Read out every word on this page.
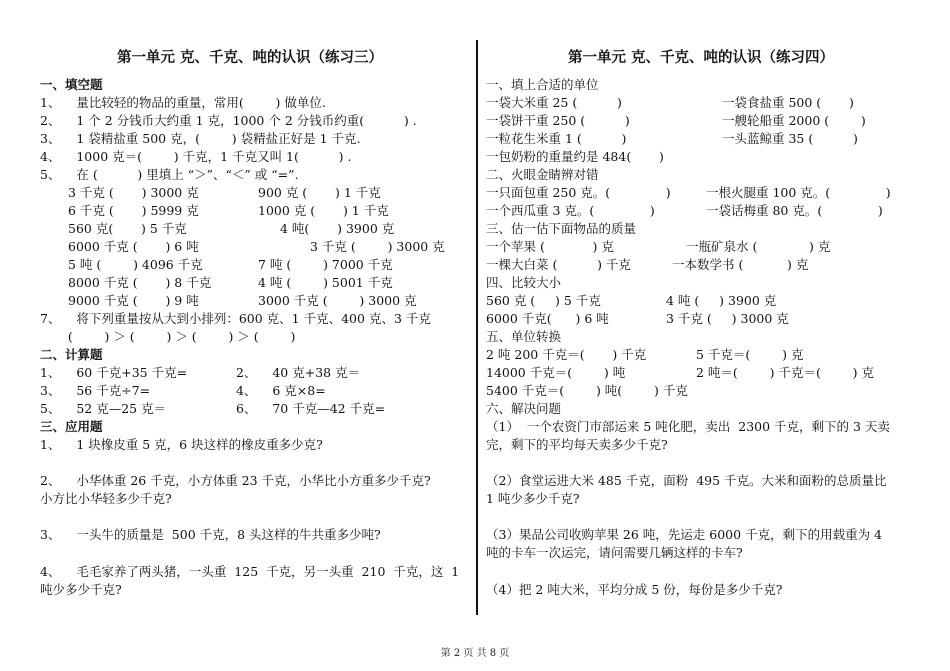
第一单元 克、千克、吨的认识（练习三）
一、填空题
1、    量比较轻的物品的重量，常用(        ) 做单位.
2、    1 个 2 分钱币大约重 1 克，1000 个 2 分钱币约重(          ) .
3、    1 袋精盐重 500 克，(        ) 袋精盐正好是 1 千克.
4、    1000 克＝(        ) 千克，1 千克又叫 1(          ) .
5、    在 (          ) 里填上 “＞”、“＜” 或 “=”.
3 千克 (       ) 3000 克	900 克 (       ) 1 千克
6 千克 (       ) 5999 克	1000 克 (       ) 1 千克
560 克(       ) 5 千克	4 吨(       ) 3900 克
6000 千克 (       ) 6 吨	3 千克 (        ) 3000 克
5 吨 (        ) 4096 千克	7 吨 (        ) 7000 千克
8000 千克 (       ) 8 千克	4 吨 (        ) 5001 千克
9000 千克 (       ) 9 吨	3000 千克 (        ) 3000 克
7、    将下列重量按从大到小排列：600 克、1 千克、400 克、3 千克
(        ) ＞ (        ) ＞ (        ) ＞ (        )
二、计算题
1、    60 千克+35 千克=	2、    40 克+38 克＝
3、    56 千克÷7=	4、    6 克×8=
5、    52 克—25 克＝	6、    70 千克—42 千克=
三、应用题
1、    1 块橡皮重 5 克，6 块这样的橡皮重多少克?
2、    小华体重 26 千克，小方体重 23 千克，小华比小方重多少千克?
小方比小华轻多少千克?
3、    一头牛的质量是  500 千克，8 头这样的牛共重多少吨?
4、    毛毛家养了两头猪，一头重  125  千克，另一头重  210  千克，这  1
吨少多少千克?
第一单元 克、千克、吨的认识（练习四）
一、填上合适的单位
一袋大米重 25 (          )	一袋食盐重 500 (       )
一袋饼干重 250 (          )	一艘轮船重 2000 (        )
一粒花生米重 1 (          )	一头蓝鲸重 35 (          )
一包奶粉的重量约是 484(       )
二、火眼金睛辨对错
一只面包重 250 克。(              )	一根火腿重 100 克。(              )
一个西瓜重 3 克。(              )	一袋话梅重 80 克。(              )
三、估一估下面物品的质量
一个苹果 (            ) 克	一瓶矿泉水 (             ) 克
一棵大白菜 (          ) 千克	一本数学书 (           ) 克
四、比较大小
560 克 (     ) 5 千克	4 吨 (     ) 3900 克
6000 千克(      ) 6 吨	3 千克 (     ) 3000 克
五、单位转换
2 吨 200 千克＝(       ) 千克	5 千克＝(        ) 克
14000 千克＝(        ) 吨	2 吨＝(        ) 千克＝(        ) 克
5400 千克＝(        ) 吨(        ) 千克
六、解决问题
（1）  一个农资门市部运来 5 吨化肥，卖出  2300 千克，剩下的 3 天卖
完，剩下的平均每天卖多少千克?
（2）食堂运进大米 485 千克，面粉  495 千克。大米和面粉的总质量比
1 吨少多少千克?
（3）果品公司收购苹果 26 吨，先运走 6000 千克，剩下的用载重为 4
吨的卡车一次运完，请问需要几辆这样的卡车?
（4）把 2 吨大米，平均分成 5 份，每份是多少千克?
第 2 页 共 8 页
